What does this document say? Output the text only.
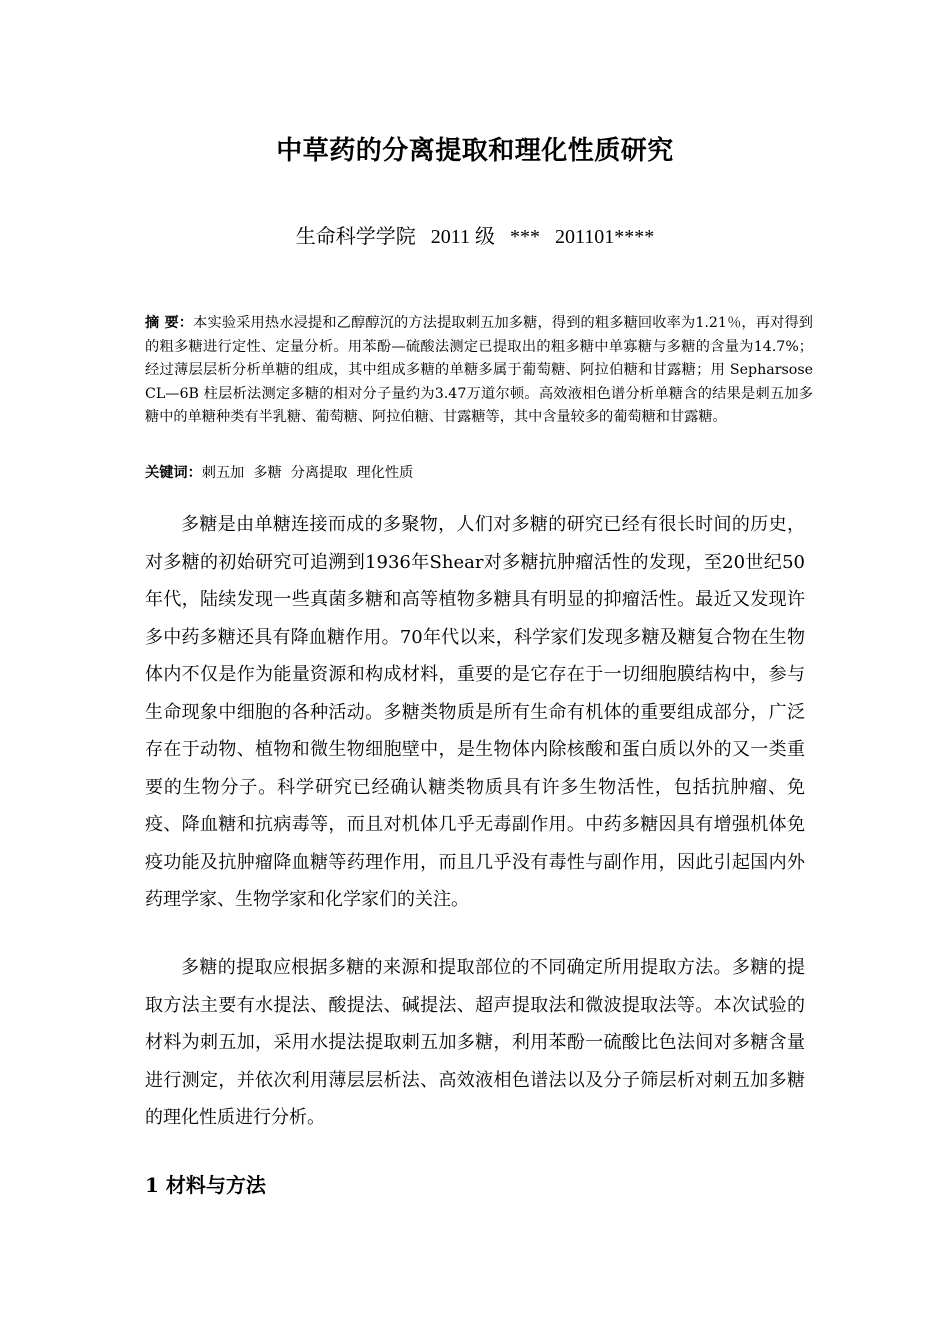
中草药的分离提取和理化性质研究
生命科学学院   2011 级   ***   201101****
摘 要：本实验采用热水浸提和乙醇醇沉的方法提取刺五加多糖，得到的粗多糖回收率为1.21％，再对得到的粗多糖进行定性、定量分析。用苯酚—硫酸法测定已提取出的粗多糖中单寡糖与多糖的含量为14.7%；经过薄层层析分析单糖的组成，其中组成多糖的单糖多属于葡萄糖、阿拉伯糖和甘露糖；用 Sepharsose CL—6B 柱层析法测定多糖的相对分子量约为3.47万道尔顿。高效液相色谱分析单糖含的结果是刺五加多糖中的单糖种类有半乳糖、葡萄糖、阿拉伯糖、甘露糖等，其中含量较多的葡萄糖和甘露糖。
关键词：刺五加  多糖  分离提取  理化性质

多糖是由单糖连接而成的多聚物，人们对多糖的研究已经有很长时间的历史，对多糖的初始研究可追溯到1936年Shear对多糖抗肿瘤活性的发现，至20世纪50年代，陆续发现一些真菌多糖和高等植物多糖具有明显的抑瘤活性。最近又发现许多中药多糖还具有降血糖作用。70年代以来，科学家们发现多糖及糖复合物在生物体内不仅是作为能量资源和构成材料，重要的是它存在于一切细胞膜结构中，参与生命现象中细胞的各种活动。多糖类物质是所有生命有机体的重要组成部分，广泛存在于动物、植物和微生物细胞壁中，是生物体内除核酸和蛋白质以外的又一类重要的生物分子。科学研究已经确认糖类物质具有许多生物活性，包括抗肿瘤、免疫、降血糖和抗病毒等，而且对机体几乎无毒副作用。中药多糖因具有增强机体免疫功能及抗肿瘤降血糖等药理作用，而且几乎没有毒性与副作用，因此引起国内外药理学家、生物学家和化学家们的关注。

多糖的提取应根据多糖的来源和提取部位的不同确定所用提取方法。多糖的提取方法主要有水提法、酸提法、碱提法、超声提取法和微波提取法等。本次试验的材料为刺五加，采用水提法提取刺五加多糖，利用苯酚一硫酸比色法间对多糖含量进行测定，并依次利用薄层层析法、高效液相色谱法以及分子筛层析对刺五加多糖的理化性质进行分析。

1 材料与方法
